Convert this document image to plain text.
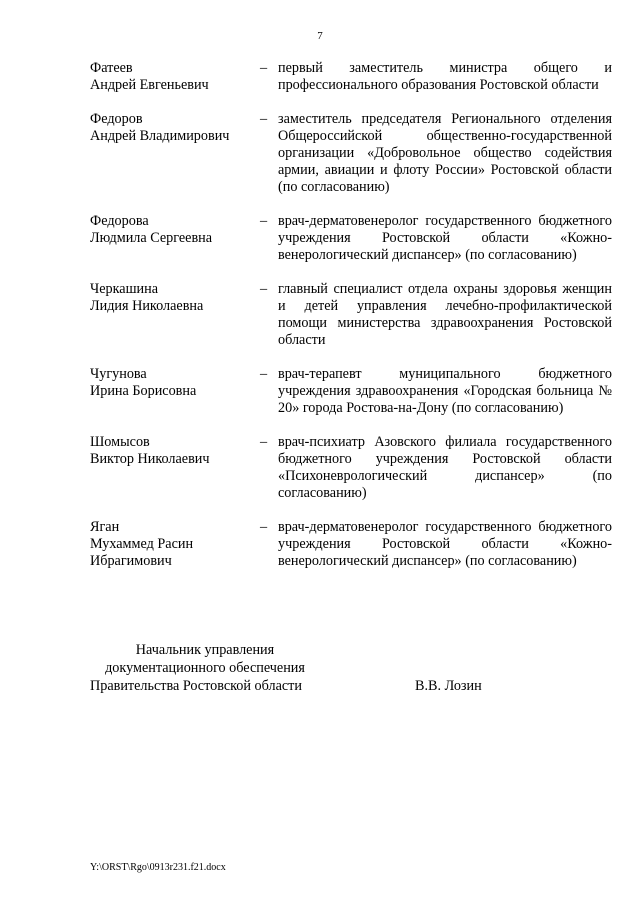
7
Фатеев
Андрей Евгеньевич
– первый заместитель министра общего и профессионального образования Ростовской области
Федоров
Андрей Владимирович
– заместитель председателя Регионального отделения Общероссийской общественно-государственной организации «Добровольное общество содействия армии, авиации и флоту России» Ростовской области (по согласованию)
Федорова
Людмила Сергеевна
– врач-дерматовенеролог государственного бюджетного учреждения Ростовской области «Кожно-венерологический диспансер» (по согласованию)
Черкашина
Лидия Николаевна
– главный специалист отдела охраны здоровья женщин и детей управления лечебно-профилактической помощи министерства здравоохранения Ростовской области
Чугунова
Ирина Борисовна
– врач-терапевт муниципального бюджетного учреждения здравоохранения «Городская больница № 20» города Ростова-на-Дону (по согласованию)
Шомысов
Виктор Николаевич
– врач-психиатр Азовского филиала государственного бюджетного учреждения Ростовской области «Психоневрологический диспансер» (по согласованию)
Яган
Мухаммед Расин
Ибрагимович
– врач-дерматовенеролог государственного бюджетного учреждения Ростовской области «Кожно-венерологический диспансер» (по согласованию)
Начальник управления
документационного обеспечения
Правительства Ростовской области	В.В. Лозин
Y:\ORST\Rgo\0913r231.f21.docx
